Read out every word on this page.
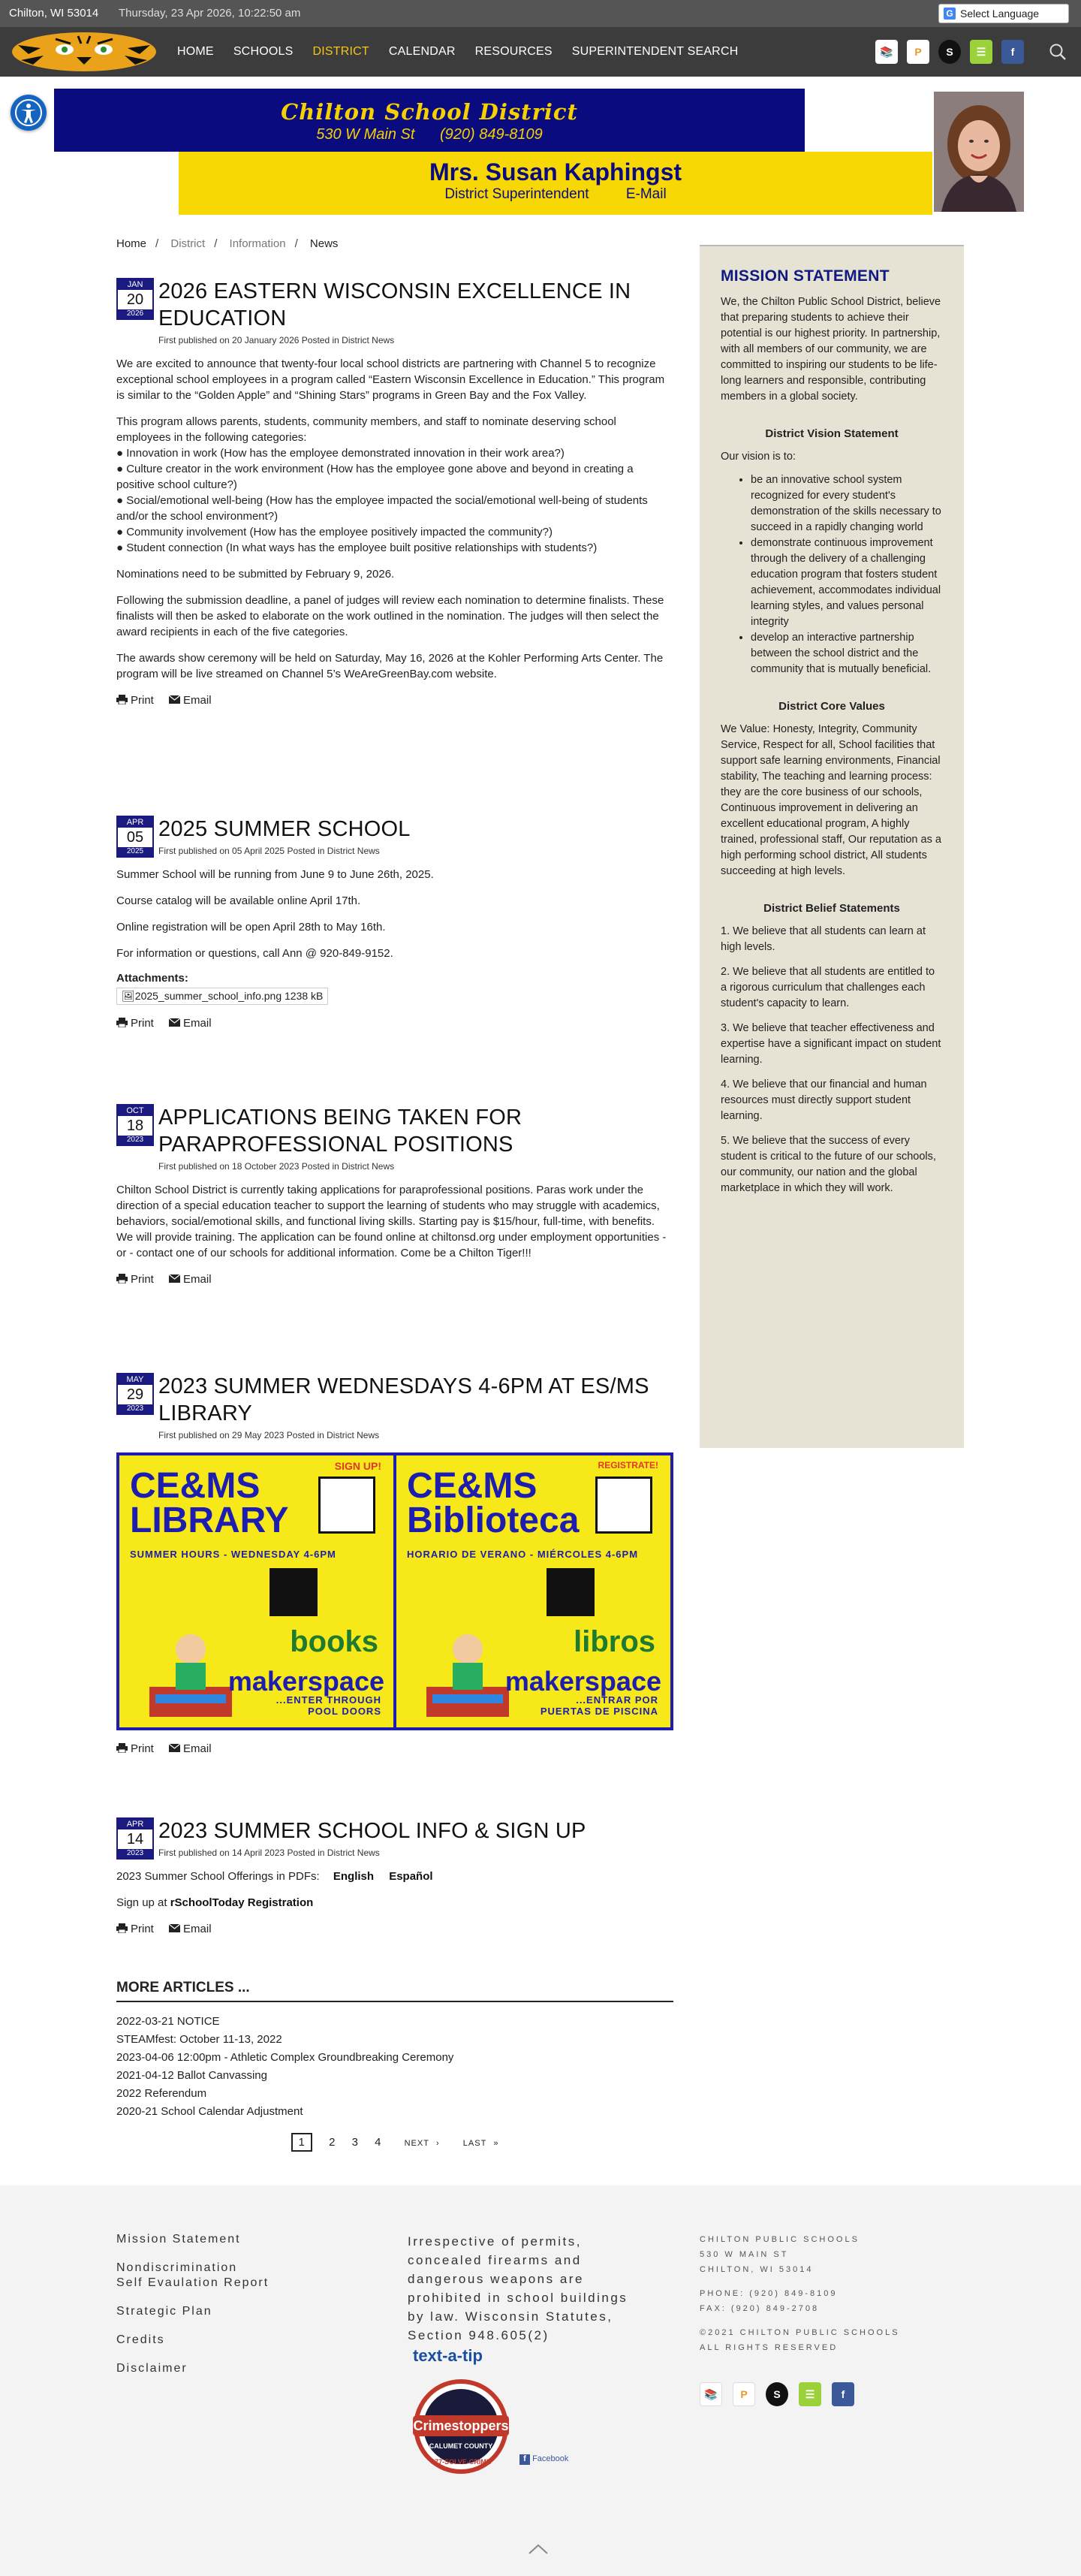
Chilton, WI 53014 Thursday, 23 Apr 2026, 10:22:50 am	G Select Language
HOME SCHOOLS DISTRICT CALENDAR RESOURCES SUPERINTENDENT SEARCH	📚	P	S	☰	f
Chilton School District
530 W Main St (920) 849-8109
Mrs. Susan Kaphingst
District Superintendent	E-Mail
Home / District / Information / News
JAN
20
2026
2026 EASTERN WISCONSIN EXCELLENCE IN EDUCATION
First published on 20 January 2026 Posted in District News

We are excited to announce that twenty-four local school districts are partnering with Channel 5 to recognize exceptional school employees in a program called “Eastern Wisconsin Excellence in Education.” This program is similar to the “Golden Apple” and “Shining Stars” programs in Green Bay and the Fox Valley.

This program allows parents, students, community members, and staff to nominate deserving school employees in the following categories:
● Innovation in work (How has the employee demonstrated innovation in their work area?)
● Culture creator in the work environment (How has the employee gone above and beyond in creating a positive school culture?)
● Social/emotional well-being (How has the employee impacted the social/emotional well-being of students and/or the school environment?)
● Community involvement (How has the employee positively impacted the community?)
● Student connection (In what ways has the employee built positive relationships with students?)

Nominations need to be submitted by February 9, 2026.

Following the submission deadline, a panel of judges will review each nomination to determine finalists. These finalists will then be asked to elaborate on the work outlined in the nomination. The judges will then select the award recipients in each of the five categories.

The awards show ceremony will be held on Saturday, May 16, 2026 at the Kohler Performing Arts Center. The program will be live streamed on Channel 5’s WeAreGreenBay.com website.

Print	Email
APR
05
2025
2025 SUMMER SCHOOL
First published on 05 April 2025 Posted in District News

Summer School will be running from June 9 to June 26th, 2025.

Course catalog will be available online April 17th.

Online registration will be open April 28th to May 16th.

For information or questions, call Ann @ 920-849-9152.

Attachments:
🖼2025_summer_school_info.png 1238 kB
Print	Email
OCT
18
2023
APPLICATIONS BEING TAKEN FOR PARAPROFESSIONAL POSITIONS
First published on 18 October 2023 Posted in District News

Chilton School District is currently taking applications for paraprofessional positions. Paras work under the direction of a special education teacher to support the learning of students who may struggle with academics, behaviors, social/emotional skills, and functional living skills. Starting pay is $15/hour, full-time, with benefits. We will provide training. The application can be found online at chiltonsd.org under employment opportunities - or - contact one of our schools for additional information. Come be a Chilton Tiger!!!

Print	Email
MAY
29
2023
2023 SUMMER WEDNESDAYS 4-6PM AT ES/MS LIBRARY
First published on 29 May 2023 Posted in District News
CE&MS
LIBRARY
SIGN UP!
SUMMER HOURS - WEDNESDAY 4-6PM
books
makerspace
...ENTER THROUGH
POOL DOORS
CE&MS
Biblioteca
REGISTRATE!
HORARIO DE VERANO - MIÉRCOLES 4-6PM
libros
makerspace
...ENTRAR POR
PUERTAS DE PISCINA
Print	Email
APR
14
2023
2023 SUMMER SCHOOL INFO & SIGN UP
First published on 14 April 2023 Posted in District News

2023 Summer School Offerings in PDFs: English Español

Sign up at rSchoolToday Registration

Print	Email
MORE ARTICLES ...
2022-03-21 NOTICE
STEAMfest: October 11-13, 2022
2023-04-06 12:00pm - Athletic Complex Groundbreaking Ceremony
2021-04-12 Ballot Canvassing
2022 Referendum
2020-21 School Calendar Adjustment
1 2 3 4	NEXT ›	LAST »
MISSION STATEMENT

We, the Chilton Public School District, believe that preparing students to achieve their potential is our highest priority. In partnership, with all members of our community, we are committed to inspiring our students to be life-long learners and responsible, contributing members in a global society.

District Vision Statement

Our vision is to:

• be an innovative school system recognized for every student's demonstration of the skills necessary to succeed in a rapidly changing world
• demonstrate continuous improvement through the delivery of a challenging education program that fosters student achievement, accommodates individual learning styles, and values personal integrity
• develop an interactive partnership between the school district and the community that is mutually beneficial.
District Core Values

We Value: Honesty, Integrity, Community Service, Respect for all, School facilities that support safe learning environments, Financial stability, The teaching and learning process: they are the core business of our schools, Continuous improvement in delivering an excellent educational program, A highly trained, professional staff, Our reputation as a high performing school district, All students succeeding at high levels.

District Belief Statements

1. We believe that all students can learn at high levels.

2. We believe that all students are entitled to a rigorous curriculum that challenges each student's capacity to learn.

3. We believe that teacher effectiveness and expertise have a significant impact on student learning.

4. We believe that our financial and human resources must directly support student learning.

5. We believe that the success of every student is critical to the future of our schools, our community, our nation and the global marketplace in which they will work.

Mission Statement
Nondiscrimination
Self Evaulation Report
Strategic Plan
Credits
Disclaimer
Irrespective of permits, concealed firearms and dangerous weapons are prohibited in school buildings by law. Wisconsin Statutes, Section 948.605(2)
text-a-tip
Crimestoppers
CALUMET COUNTY
877-SOLVE-CRIME	f Facebook
CHILTON PUBLIC SCHOOLS
530 W MAIN ST
CHILTON, WI 53014
PHONE: (920) 849-8109
FAX: (920) 849-2708
©2021 CHILTON PUBLIC SCHOOLS
ALL RIGHTS RESERVED
📚	P	S	☰	f
